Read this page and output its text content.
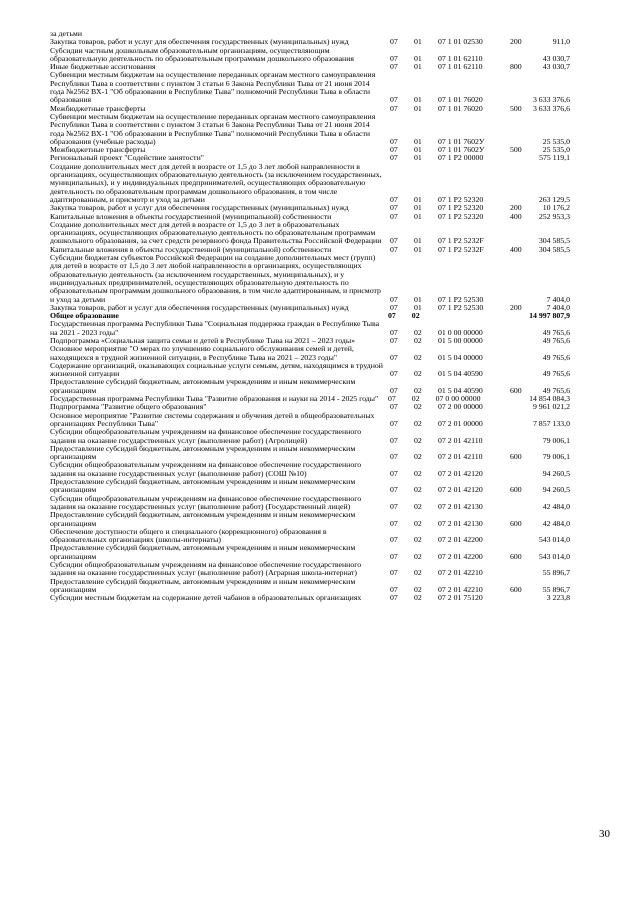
за детьми
Закупка товаров, работ и услуг для обеспечения государственных (муниципальных) нужд	07	01	07 1 01 02530	200	911,0
Субсидии частным дошкольным образовательным организациям, осуществляющим образовательную деятельность по образовательным программам дошкольного образования	07	01	07 1 01 62110	43 030,7
Иные бюджетные ассигнования	07	01	07 1 01 62110	800	43 030,7
Субвенции местным бюджетам на осуществление переданных органам местного самоуправления Республики Тыва в соответствии с пунктом 3 статьи 6 Закона Республики Тыва от 21 июня 2014 года №2562 ВХ-1 "Об образовании в Республике Тыва" полномочий Республики Тыва в области образования	07	01	07 1 01 76020	3 633 376,6
Межбюджетные трансферты	07	01	07 1 01 76020	500	3 633 376,6
Субвенции местным бюджетам на осуществление переданных органам местного самоуправления Республики Тыва в соответствии с пунктом 3 статьи 6 Закона Республики Тыва от 21 июня 2014 года №2562 ВХ-1 "Об образовании в Республике Тыва" полномочий Республики Тыва в области образования (учебные расходы)	07	01	07 1 01 7602У	25 535,0
Межбюджетные трансферты	07	01	07 1 01 7602У	500	25 535,0
Региональный проект "Содействие занятости"	07	01	07 1 P2 00000	575 119,1
Создание дополнительных мест для детей в возрасте от 1,5 до 3 лет любой направленности в организациях, осуществляющих образовательную деятельность (за исключением государственных, муниципальных), и у индивидуальных предпринимателей, осуществляющих образовательную деятельность по образовательным программам дошкольного образования, в том числе адаптированным, и присмотр и уход за детьми	07	01	07 1 P2 52320	263 129,5
Закупка товаров, работ и услуг для обеспечения государственных (муниципальных) нужд	07	01	07 1 P2 52320	200	10 176,2
Капитальные вложения в объекты государственной (муниципальной) собственности	07	01	07 1 P2 52320	400	252 953,3
Создание дополнительных мест для детей в возрасте от 1,5 до 3 лет в образовательных организациях, осуществляющих образовательную деятельность по образовательным программам дошкольного образования, за счет средств резервного фонда Правительства Российской Федерации	07	01	07 1 P2 5232F	304 585,5
Капитальные вложения в объекты государственной (муниципальной) собственности	07	01	07 1 P2 5232F	400	304 585,5
Субсидии бюджетам субъектов Российской Федерации на создание дополнительных мест (групп) для детей в возрасте от 1,5 до 3 лет любой направленности в организациях, осуществляющих образовательную деятельность (за исключением государственных, муниципальных), и у индивидуальных предпринимателей, осуществляющих образовательную деятельность по образовательным программам дошкольного образования, в том числе адаптированным, и присмотр и уход за детьми	07	01	07 1 P2 52530	7 404,0
Закупка товаров, работ и услуг для обеспечения государственных (муниципальных) нужд	07	01	07 1 P2 52530	200	7 404,0
Общее образование	07	02	14 997 807,9
Государственная программа Республики Тыва "Социальная поддержка граждан в Республике Тыва на 2021 - 2023 годы"	07	02	01 0 00 00000	49 765,6
Подпрограмма «Социальная защита семьи и детей в Республике Тыва на 2021 – 2023 годы»	07	02	01 5 00 00000	49 765,6
Основное мероприятие "О мерах по улучшению социального обслуживания семей и детей, находящихся в трудной жизненной ситуации, в Республике Тыва на 2021 – 2023 годы"	07	02	01 5 04 00000	49 765,6
Содержание организаций, оказывающих социальные услуги семьям, детям, находящимся в трудной жизненной ситуации	07	02	01 5 04 40590	49 765,6
Предоставление субсидий бюджетным, автономным учреждениям и иным некоммерческим организациям	07	02	01 5 04 40590	600	49 765,6
Государственная программа Республики Тыва "Развитие образования и науки на 2014 - 2025 годы"	07	02	07 0 00 00000	14 854 084,3
Подпрограмма "Развитие общего образования"	07	02	07 2 00 00000	9 961 021,2
Основное мероприятие "Развитие системы содержания и обучения детей в общеобразовательных организациях Республики Тыва"	07	02	07 2 01 00000	7 857 133,0
Субсидии общеобразовательным учреждениям на финансовое обеспечение государственного задания на оказание государственных услуг (выполнение работ) (Агролицей)	07	02	07 2 01 42110	79 006,1
Предоставление субсидий бюджетным, автономным учреждениям и иным некоммерческим организациям	07	02	07 2 01 42110	600	79 006,1
Субсидии общеобразовательным учреждениям на финансовое обеспечение государственного задания на оказание государственных услуг (выполнение работ) (СОШ №10)	07	02	07 2 01 42120	94 260,5
Предоставление субсидий бюджетным, автономным учреждениям и иным некоммерческим организациям	07	02	07 2 01 42120	600	94 260,5
Субсидии общеобразовательным учреждениям на финансовое обеспечение государственного задания на оказание государственных услуг (выполнение работ) (Государственный лицей)	07	02	07 2 01 42130	42 484,0
Предоставление субсидий бюджетным, автономным учреждениям и иным некоммерческим организациям	07	02	07 2 01 42130	600	42 484,0
Обеспечение доступности общего и специального (коррекционного) образования в образовательных организациях (школы-интернаты)	07	02	07 2 01 42200	543 014,0
Предоставление субсидий бюджетным, автономным учреждениям и иным некоммерческим организациям	07	02	07 2 01 42200	600	543 014,0
Субсидии общеобразовательным учреждениям на финансовое обеспечение государственного задания на оказание государственных услуг (выполнение работ) (Аграрная школа-интернат)	07	02	07 2 01 42210	55 896,7
Предоставление субсидий бюджетным, автономным учреждениям и иным некоммерческим организациям	07	02	07 2 01 42210	600	55 896,7
Субсидии местным бюджетам на содержание детей чабанов в образовательных организациях	07	02	07 2 01 75120	3 223,8
30
